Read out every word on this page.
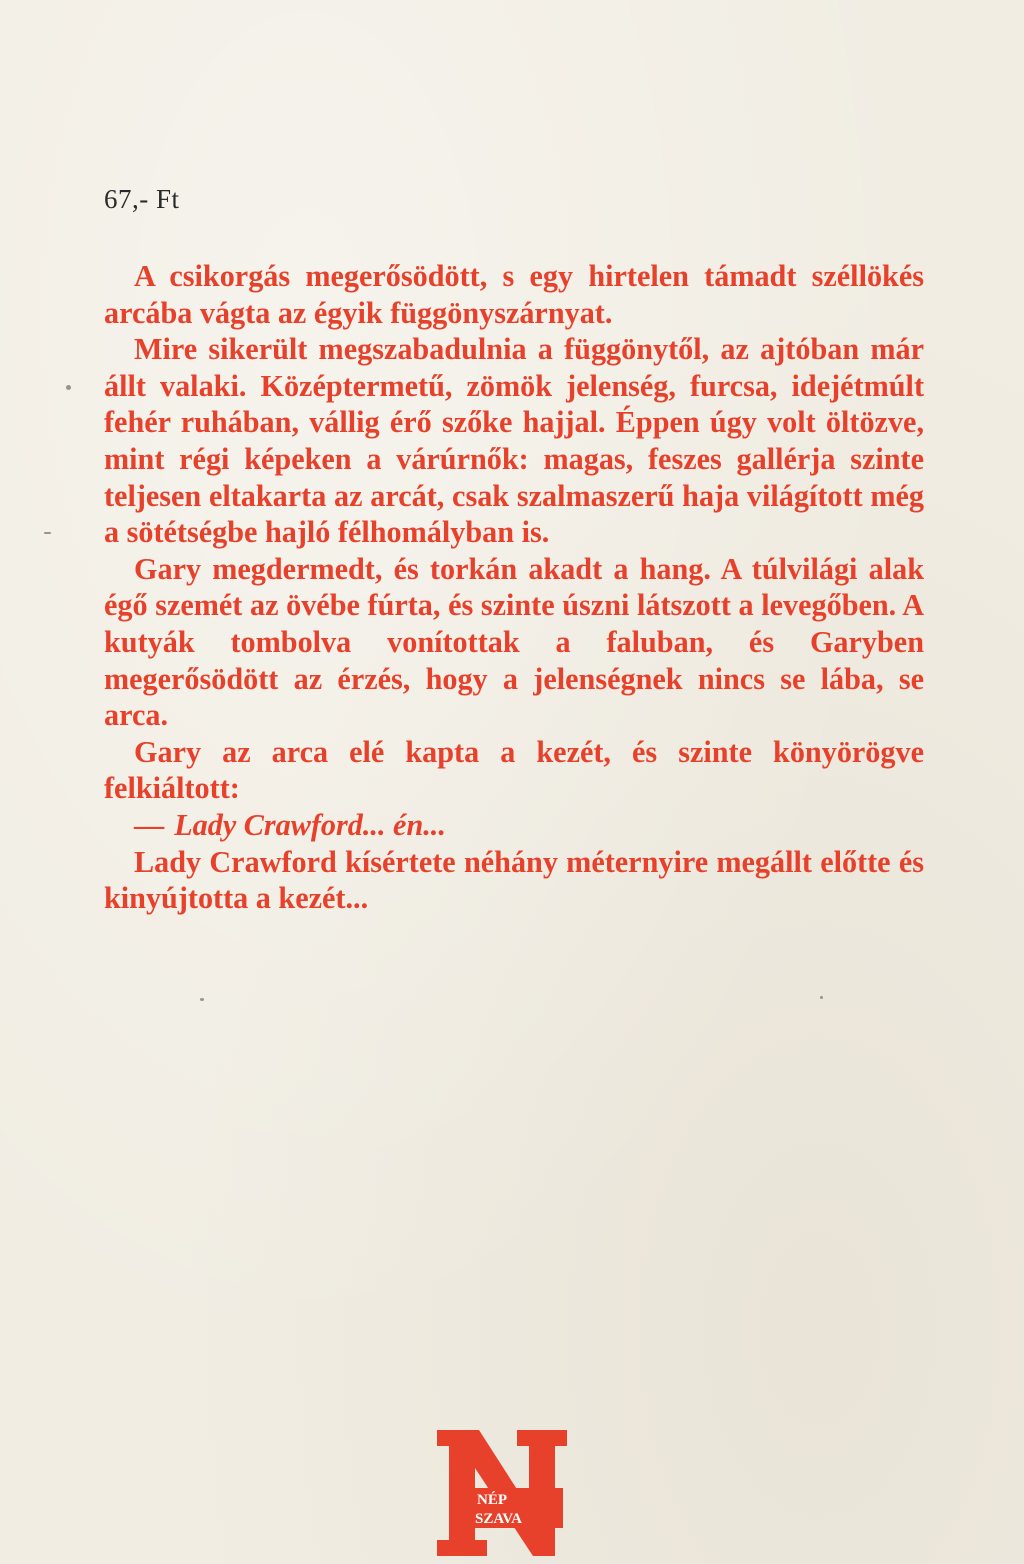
67,- Ft

A csikorgás megerősödött, s egy hirtelen támadt széllökés arcába vágta az égyik függönyszárnyat.

Mire sikerült megszabadulnia a függönytől, az ajtóban már állt valaki. Középtermetű, zömök jelenség, furcsa, idejétmúlt fehér ruhában, vállig érő szőke hajjal. Éppen úgy volt öltözve, mint régi képeken a várúrnők: magas, feszes gallérja szinte teljesen eltakarta az arcát, csak szalmaszerű haja világított még a sötétségbe hajló félhomályban is.

Gary megdermedt, és torkán akadt a hang. A túlvilági alak égő szemét az övébe fúrta, és szinte úszni látszott a levegőben. A kutyák tombolva vonítottak a faluban, és Garyben megerősödött az érzés, hogy a jelenségnek nincs se lába, se arca.

Gary az arca elé kapta a kezét, és szinte könyörögve felkiáltott:

— Lady Crawford... én...

Lady Crawford kísértete néhány méternyire megállt előtte és kinyújtotta a kezét...

NÉP
SZAVA
